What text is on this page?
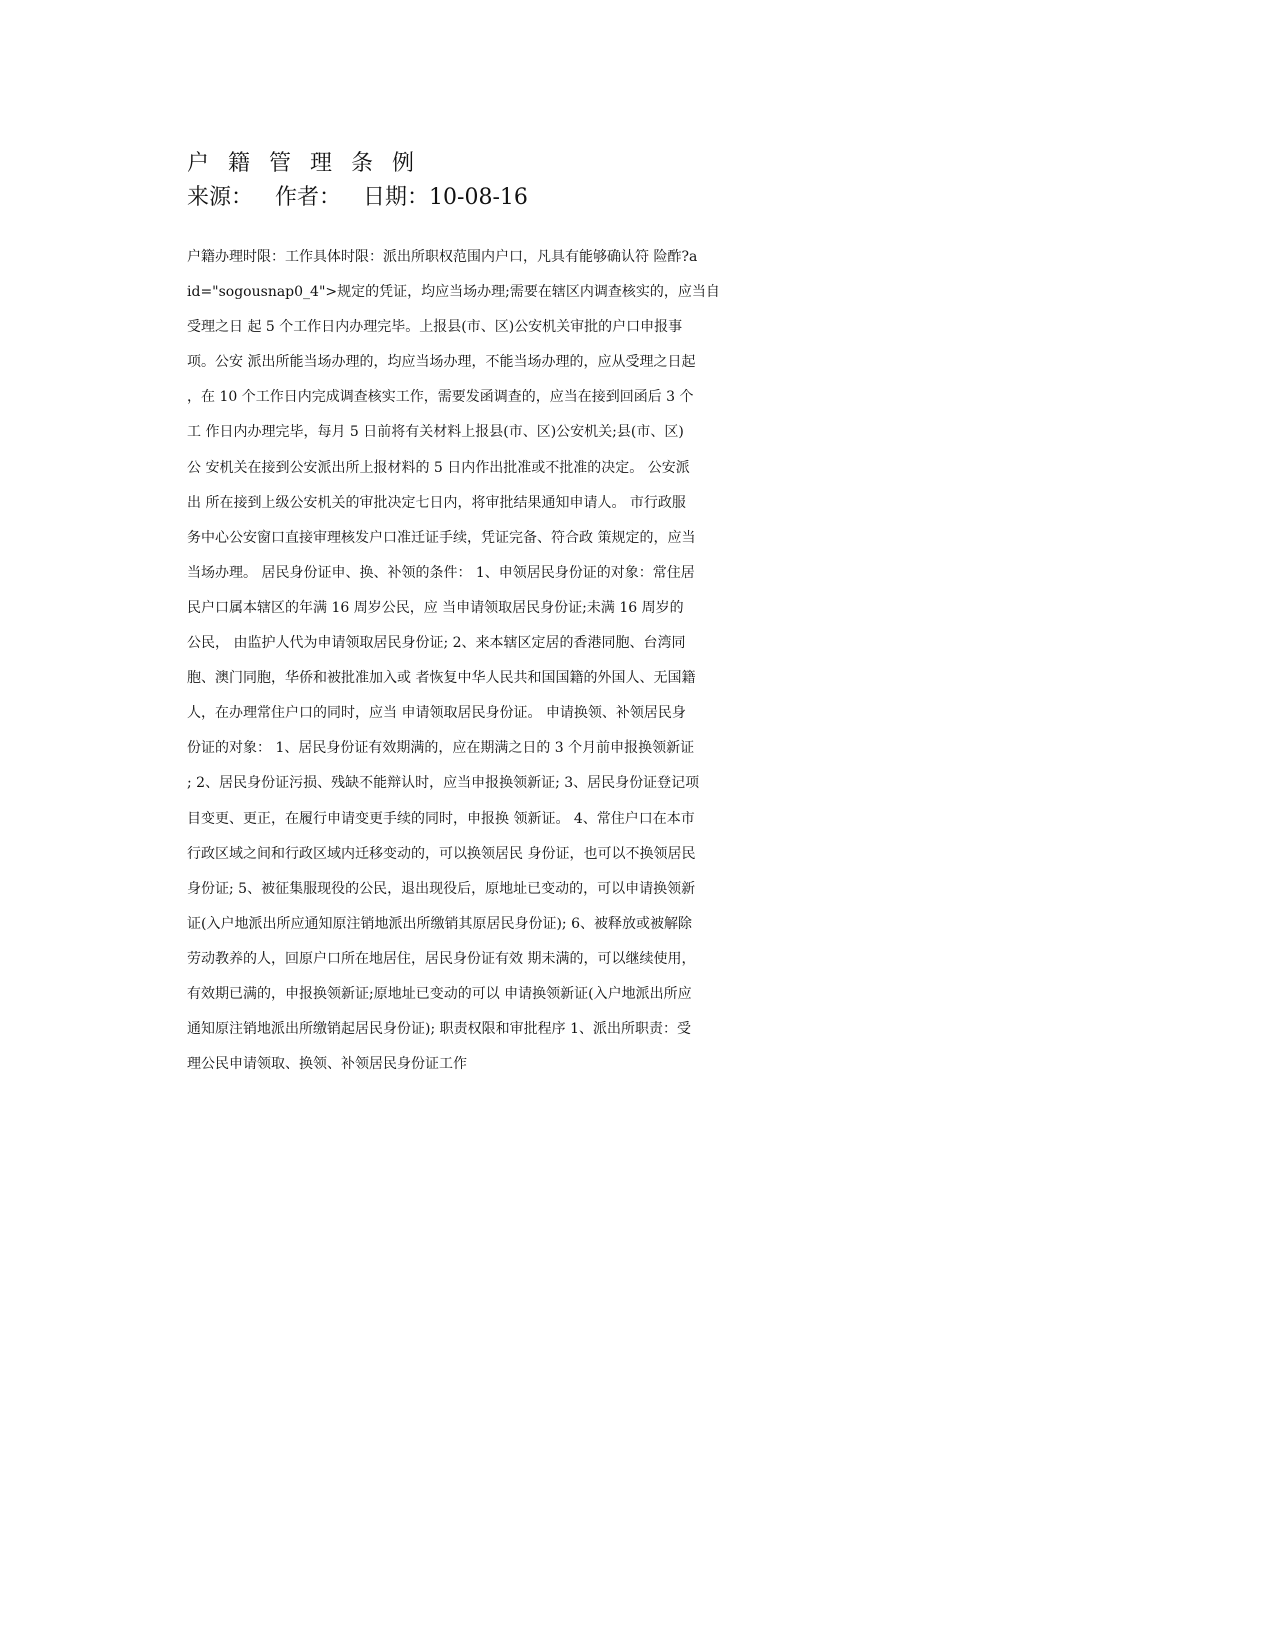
户 籍 管 理 条 例
来源： 作者： 日期：10-08-16
户籍办理时限：工作具体时限：派出所职权范围内户口，凡具有能够确认符 险酢?a
id="sogousnap0_4">规定的凭证，均应当场办理;需要在辖区内调查核实的，应当自
受理之日 起 5 个工作日内办理完毕。上报县(市、区)公安机关审批的户口申报事
项。公安 派出所能当场办理的，均应当场办理，不能当场办理的，应从受理之日起
，在 10 个工作日内完成调查核实工作，需要发函调查的，应当在接到回函后 3 个
工 作日内办理完毕，每月 5 日前将有关材料上报县(市、区)公安机关;县(市、区)
公 安机关在接到公安派出所上报材料的 5 日内作出批准或不批准的决定。 公安派
出 所在接到上级公安机关的审批决定七日内，将审批结果通知申请人。 市行政服
务中心公安窗口直接审理核发户口准迁证手续，凭证完备、符合政 策规定的，应当
当场办理。 居民身份证申、换、补领的条件： 1、申领居民身份证的对象：常住居
民户口属本辖区的年满 16 周岁公民，应 当申请领取居民身份证;未满 16 周岁的
公民， 由监护人代为申请领取居民身份证; 2、来本辖区定居的香港同胞、台湾同
胞、澳门同胞，华侨和被批准加入或 者恢复中华人民共和国国籍的外国人、无国籍
人，在办理常住户口的同时，应当 申请领取居民身份证。 申请换领、补领居民身
份证的对象： 1、居民身份证有效期满的，应在期满之日的 3 个月前申报换领新证
; 2、居民身份证污损、残缺不能辩认时，应当申报换领新证; 3、居民身份证登记项
目变更、更正，在履行申请变更手续的同时，申报换 领新证。 4、常住户口在本市
行政区域之间和行政区域内迁移变动的，可以换领居民 身份证，也可以不换领居民
身份证; 5、被征集服现役的公民，退出现役后，原地址已变动的，可以申请换领新
证(入户地派出所应通知原注销地派出所缴销其原居民身份证); 6、被释放或被解除
劳动教养的人，回原户口所在地居住，居民身份证有效 期未满的，可以继续使用，
有效期已满的，申报换领新证;原地址已变动的可以 申请换领新证(入户地派出所应
通知原注销地派出所缴销起居民身份证); 职责权限和审批程序 1、派出所职责：受
理公民申请领取、换领、补领居民身份证工作
